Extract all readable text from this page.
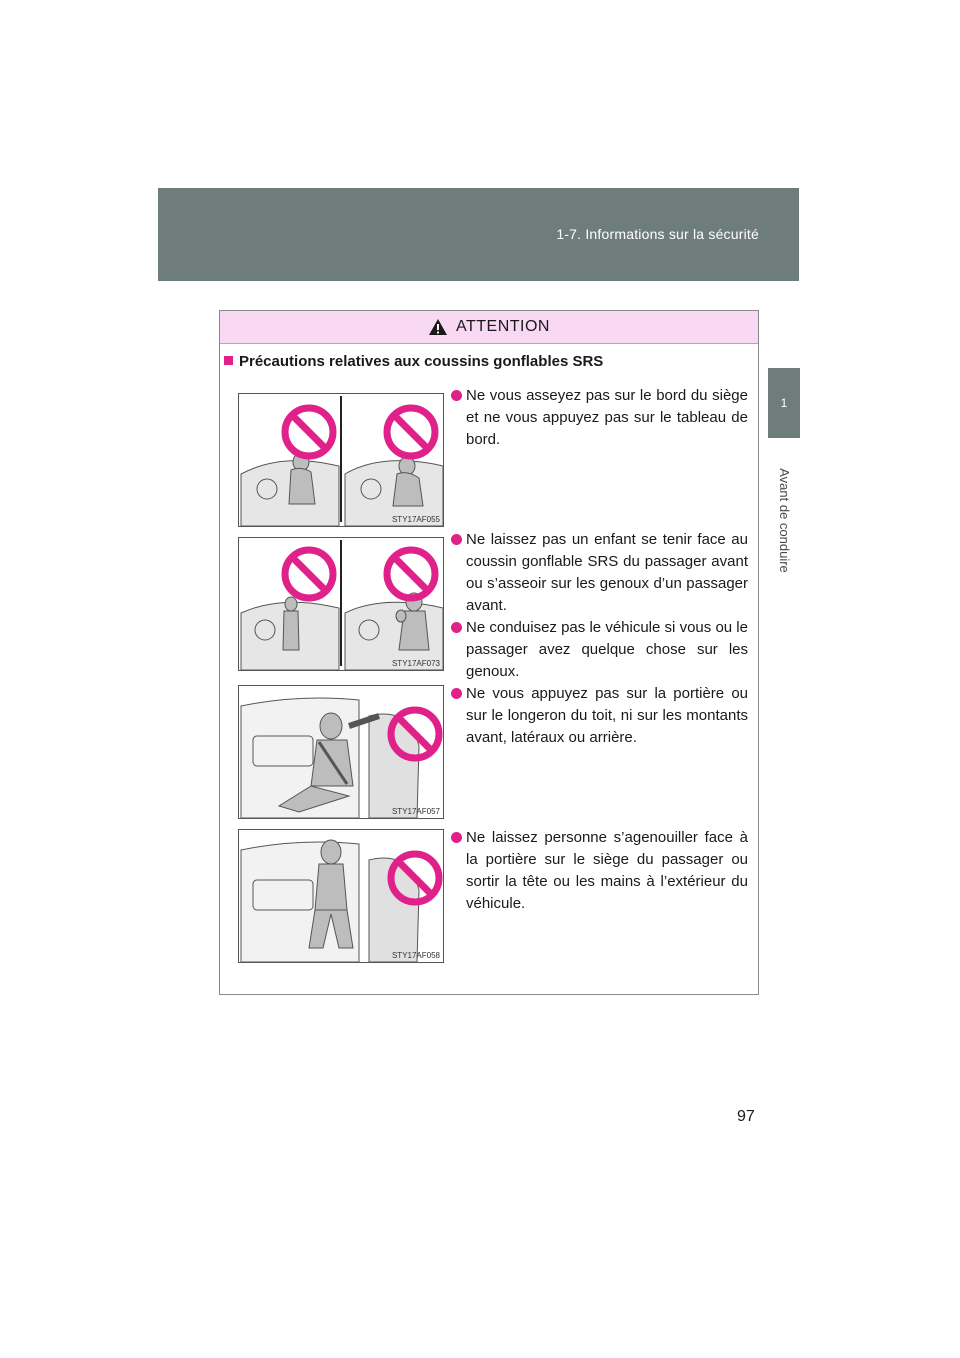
1-7. Informations sur la sécurité
1
Avant de conduire
ATTENTION
Précautions relatives aux coussins gonflables SRS
STY17AF055
STY17AF073
STY17AF057
STY17AF058
Ne vous asseyez pas sur le bord du siège et ne vous appuyez pas sur le tableau de bord.
Ne laissez pas un enfant se tenir face au coussin gonflable SRS du passager avant ou s’asseoir sur les genoux d’un passager avant.
Ne conduisez pas le véhicule si vous ou le passager avez quelque chose sur les genoux.
Ne vous appuyez pas sur la portière ou sur le longeron du toit, ni sur les montants avant, latéraux ou arrière.
Ne laissez personne s’agenouiller face à la portière sur le siège du passager ou sortir la tête ou les mains à l’extérieur du véhicule.
97
